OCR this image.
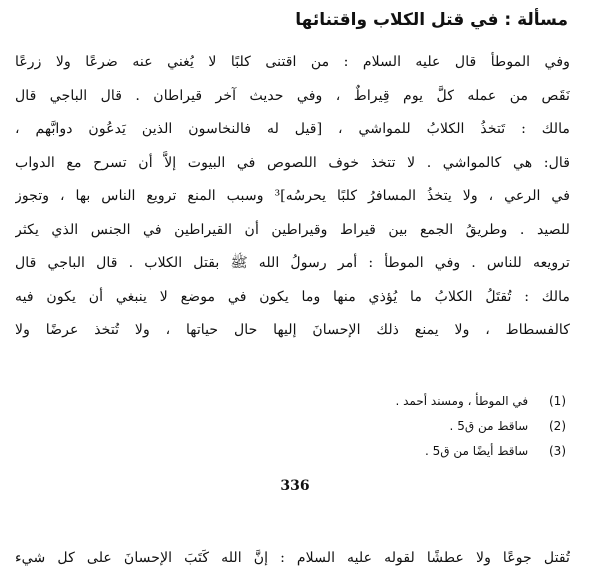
مسألة : في قتل الكلاب واقتنائها
وفي الموطأ قال عليه السلام : من اقتنى كلبًا لا يُغني عنه ضرعًا ولا زرعًا
نَقَص من عمله كلَّ يوم قِيراطٌ ، وفي حديث آخر قيراطان . قال الباجي قال
مالك : تَتخذُ الكلابُ للمواشي ، [قيل له فالنخاسون الذين يَدعُون دوابَّهم ،
قال: هي كالمواشي . لا تتخذ خوف اللصوص في البيوت إلاَّ أن تسرح مع الدواب
في الرعي ، ولا يتخذُ المسافرُ كلبًا يحرسُه]³ وسبب المنع ترويع الناس بها ، وتجوز
للصيد . وطريقُ الجمع بين قيراط وقيراطين أن القيراطين في الجنس الذي يكثر
ترويعه للناس . وفي الموطأ : أمر رسولُ الله ﷺ بقتل الكلاب . قال الباجي قال
مالك : تُقتَلُ الكلابُ ما يُؤذي منها وما يكون في موضع لا ينبغي أن يكون فيه
كالفسطاط ، ولا يمنع ذلك الإحسانَ إليها حال حياتها ، ولا تُتخذ عرضًا ولا
(1) في الموطأ ، ومسند أحمد .
(2) ساقط من ق5 .
(3) ساقط أيضًا من ق5 .
336
تُقتل جوعًا ولا عطشًا لقوله عليه السلام : إنَّ الله كَتَبَ الإحسانَ على كل شيء
